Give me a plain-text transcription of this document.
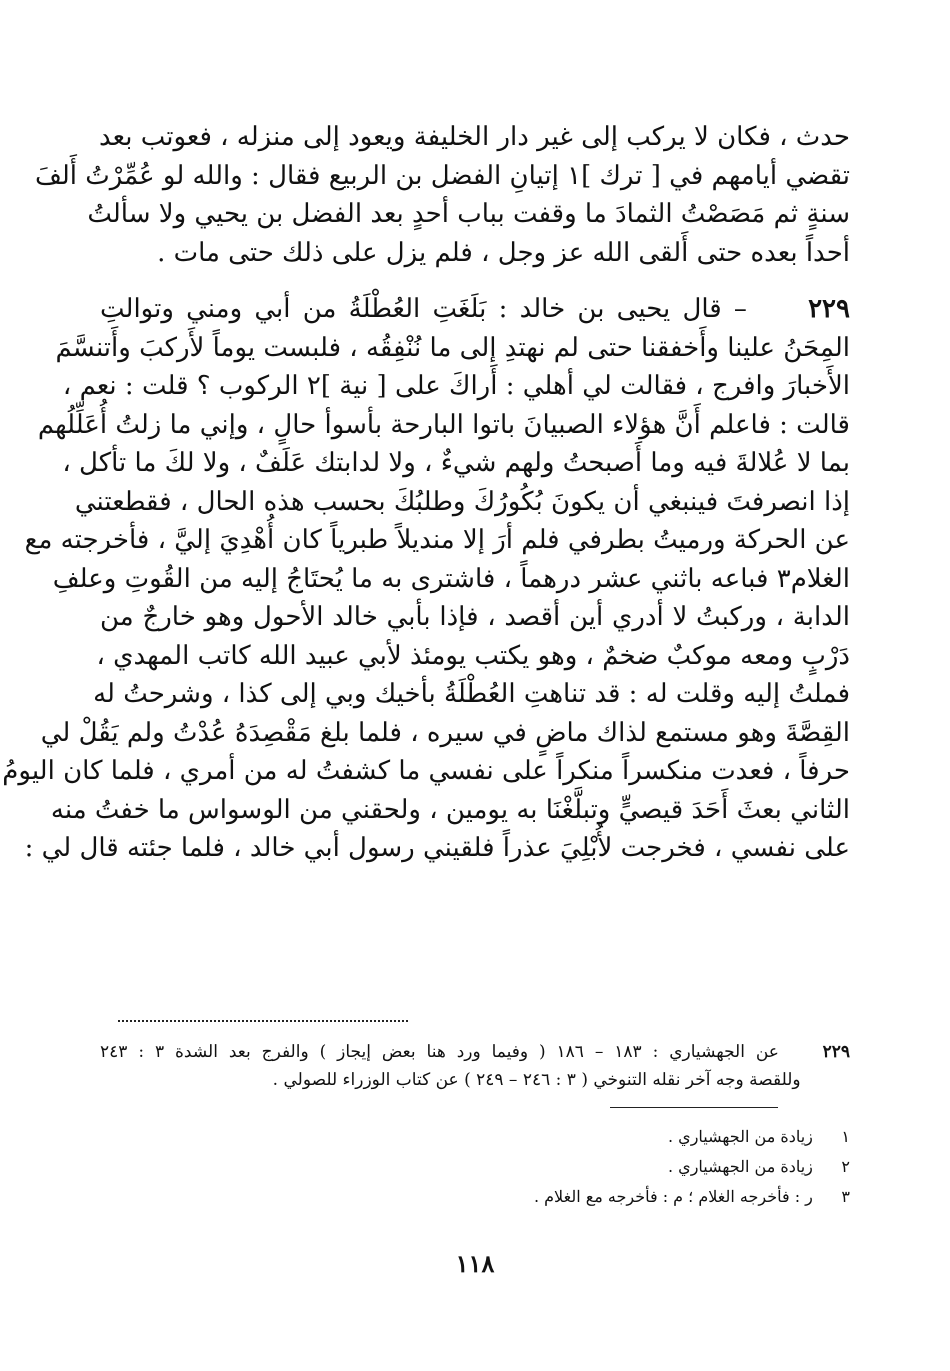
حدث ، فكان لا يركب إلى غير دار الخليفة ويعود إلى منزله ، فعوتب بعد
تقضي أيامهم في [ ترك ]١ إتيانِ الفضل بن الربيع فقال : والله لو عُمِّرْتُ أَلفَ
سنةٍ ثم مَصَصْتُ الثمادَ ما وقفت بباب أحدٍ بعد الفضل بن يحيي ولا سألتُ
أحداً بعده حتى أَلقى الله عز وجل ، فلم يزل على ذلك حتى مات .
٢٢٩     – قال يحيى بن خالد : بَلَغَتِ العُطْلَةُ من أبي ومني وتوالتِ
المِحَنُ علينا وأَخفقنا حتى لم نهتدِ إلى ما نُنْفِقُه ، فلبست يوماً لأَركبَ وأَتنسَّمَ
الأَخبارَ وافرج ، فقالت لي أهلي : أَراكَ على [ نية ]٢ الركوب ؟ قلت : نعم ،
قالت : فاعلم أَنَّ هؤلاء الصبيانَ باتوا البارحة بأسوأ حالٍ ، وإني ما زلتُ أُعَلِّلُهم
بما لا عُلالةَ فيه وما أَصبحتُ ولهم شيءٌ ، ولا لدابتك عَلَفٌ ، ولا لكَ ما تأكل ،
إذا انصرفتَ فينبغي أن يكونَ بُكُورُكَ وطلبُكَ بحسب هذه الحال ، فقطعتني
عن الحركة ورميتُ بطرفي فلم أرَ إلا منديلاً طبرياً كان أُهْدِيَ إليَّ ، فأخرجته مع
الغلام٣ فباعه باثني عشر درهماً ، فاشترى به ما يُحتَاجُ إليه من القُوتِ وعلفِ
الدابة ، وركبتُ لا أدري أين أقصد ، فإذا بأبي خالد الأحول وهو خارجٌ من
دَرْبٍ ومعه موكبٌ ضخمٌ ، وهو يكتب يومئذ لأبي عبيد الله كاتب المهدي ،
فملتُ إليه وقلت له : قد تناهتِ العُطْلَةُ بأخيك وبي إلى كذا ، وشرحتُ له
القِصَّةَ وهو مستمع لذاك ماضٍ في سيره ، فلما بلغ مَقْصِدَهُ عُدْتُ ولم يَقُلْ لي
حرفاً ، فعدت منكسراً منكراً على نفسي ما كشفتُ له من أمري ، فلما كان اليومُ
الثاني بعثَ أَحَدَ قيصيٍّ وتبلَّغْنَا به يومين ، ولحقني من الوسواس ما خفتُ منه
على نفسي ، فخرجت لأُبْلِيَ عذراً فلقيني رسول أبي خالد ، فلما جئته قال لي :
٢٢٩    عن الجهشياري : ١٨٣ – ١٨٦ ( وفيما ورد هنا بعض إيجاز ) والفرج بعد الشدة ٣ : ٢٤٣
وللقصة وجه آخر نقله التنوخي ( ٣ : ٢٤٦ – ٢٤٩ ) عن كتاب الوزراء للصولي .
١ زيادة من الجهشياري .
٢ زيادة من الجهشياري .
٣ ر : فأخرجه الغلام ؛ م : فأخرجه مع الغلام .
١١٨
